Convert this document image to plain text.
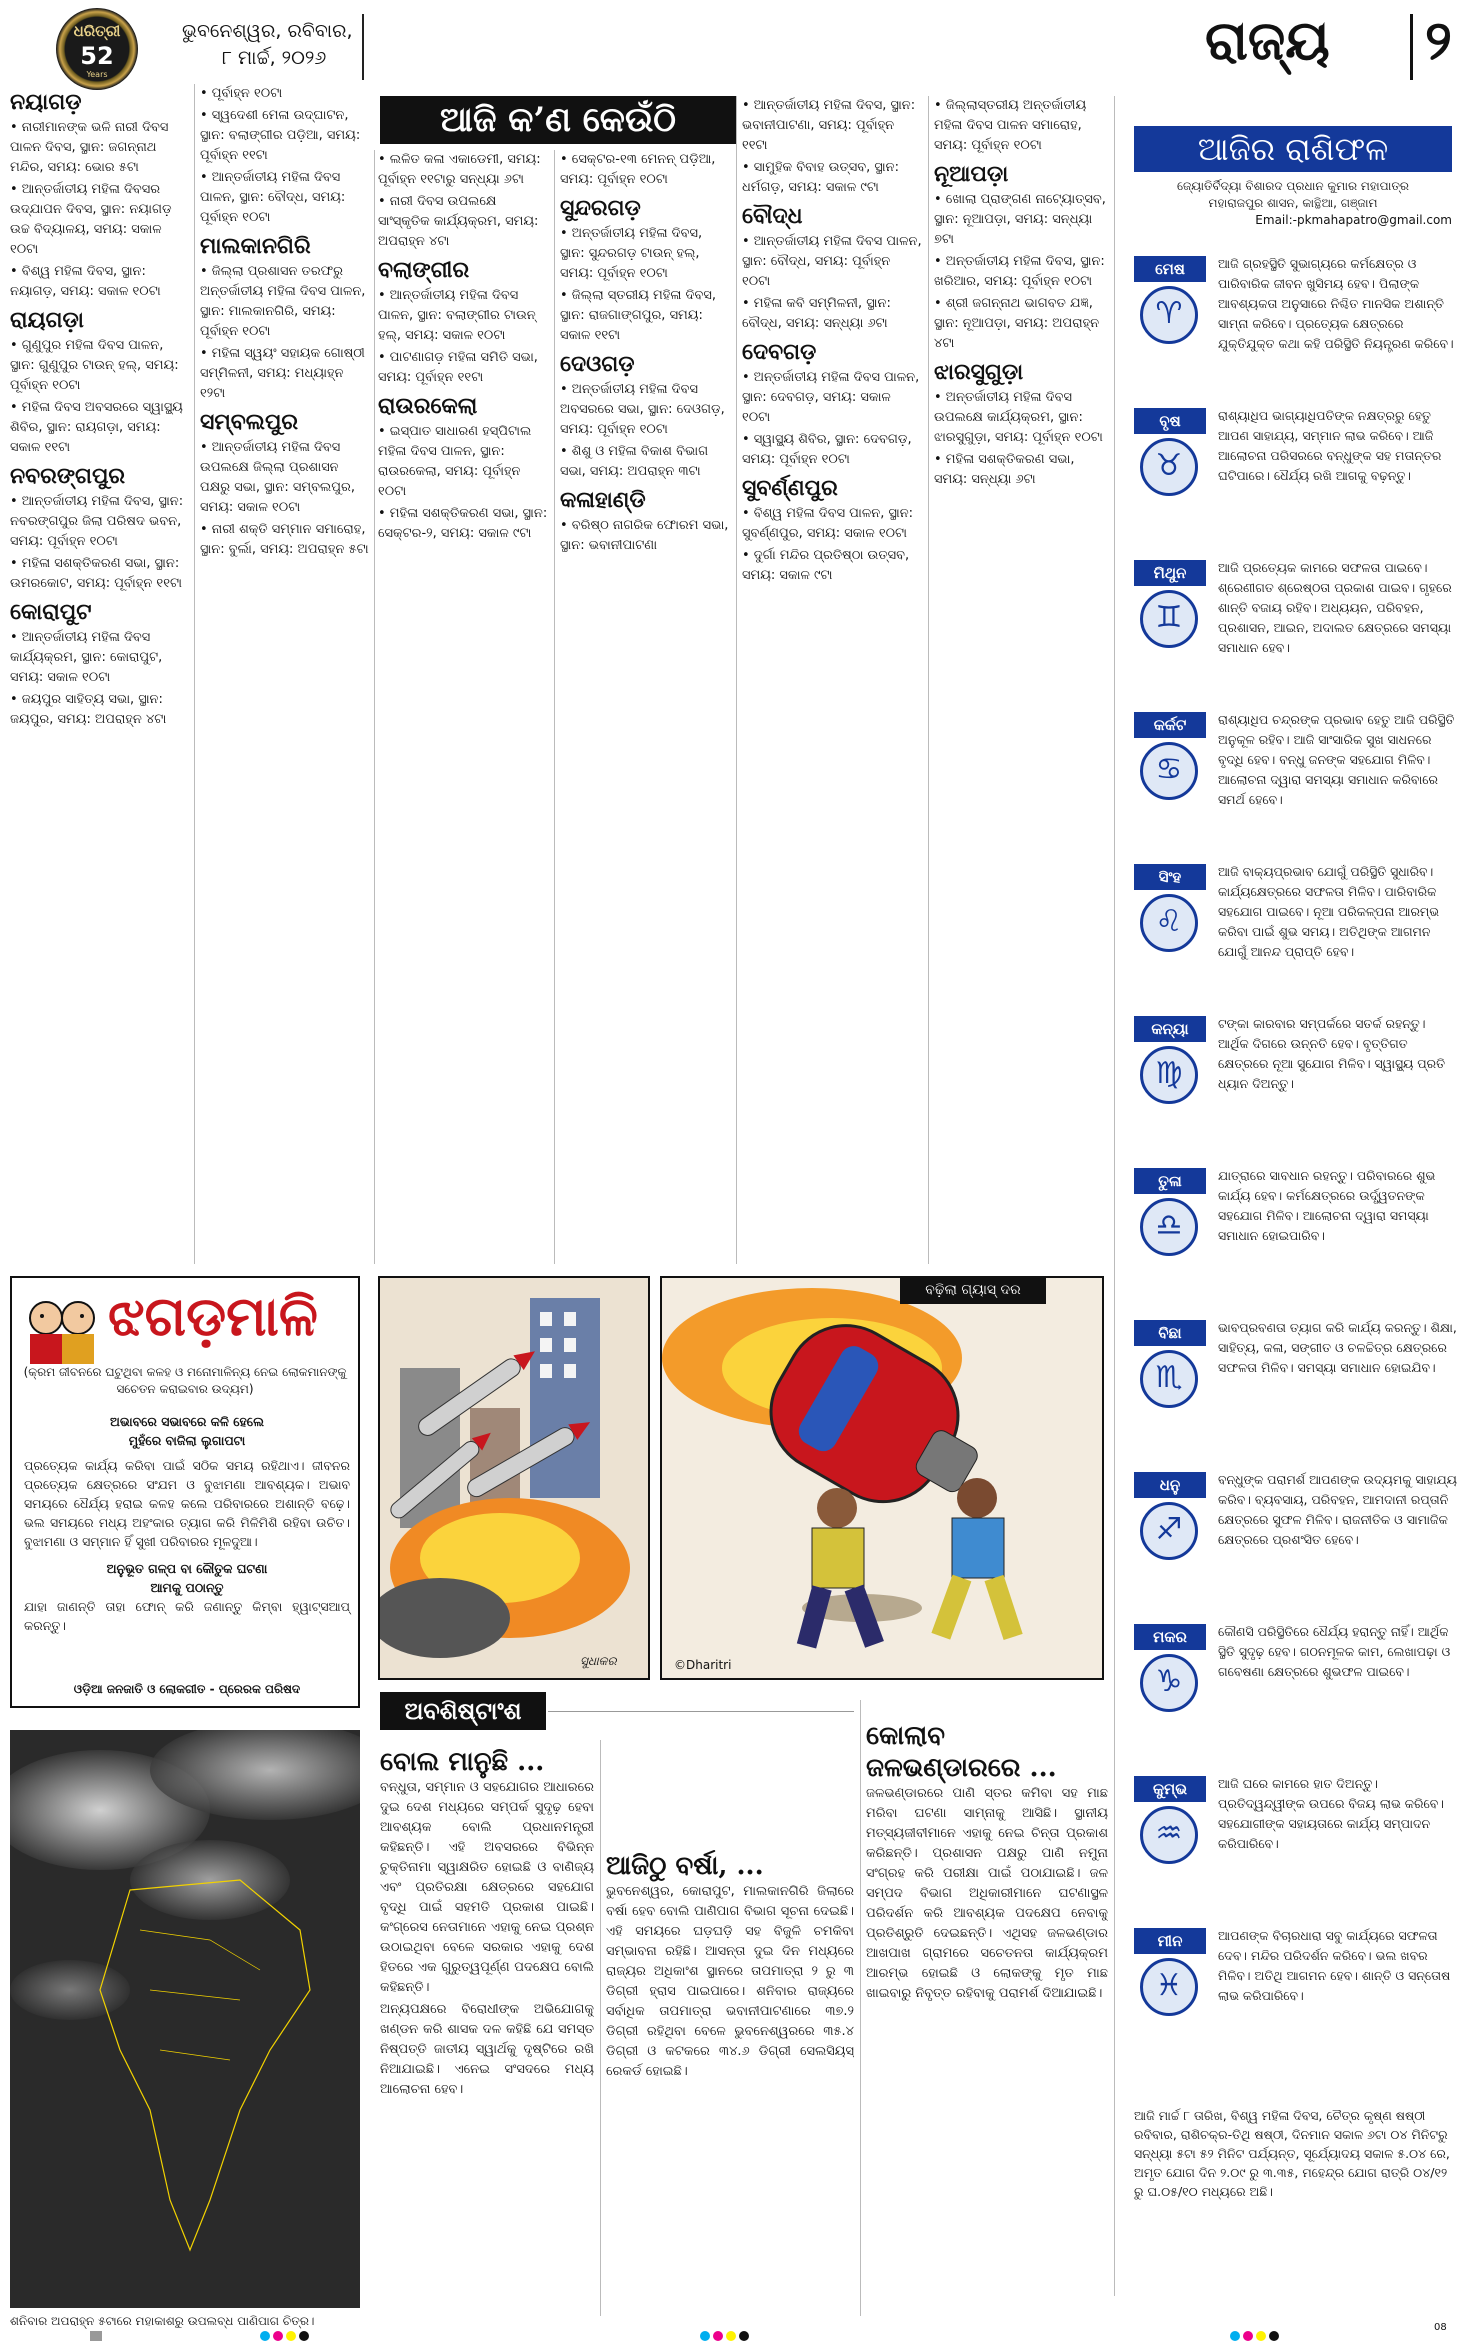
ଧରିତ୍ରୀ
52
Years
ଭୁବନେଶ୍ୱର, ରବିବାର,
୮ ମାର୍ଚ୍ଚ, ୨୦୨୬	ରାଜ୍ୟ ୨
ଆଜି କ’ଣ କେଉଁଠି
ନୟାଗଡ଼

• ନାରୀମାନଙ୍କ ଭଳି ନାରୀ ଦିବସ ପାଳନ ଦିବସ, ସ୍ଥାନ: ଜଗନ୍ନାଥ ମନ୍ଦିର, ସମୟ: ଭୋର ୫ଟା

• ଆନ୍ତର୍ଜାତୀୟ ମହିଳା ଦିବସର ଉଦ୍‌ଯାପନ ଦିବସ, ସ୍ଥାନ: ନୟାଗଡ଼ ଉଚ୍ଚ ବିଦ୍ୟାଳୟ, ସମୟ: ସକାଳ ୧୦ଟା

• ବିଶ୍ୱ ମହିଳା ଦିବସ, ସ୍ଥାନ: ନୟାଗଡ଼, ସମୟ: ସକାଳ ୧୦ଟା

ରାୟଗଡ଼ା

• ଗୁଣୁପୁର ମହିଳା ଦିବସ ପାଳନ, ସ୍ଥାନ: ଗୁଣୁପୁର ଟାଉନ୍ ହଲ୍, ସମୟ: ପୂର୍ବାହ୍ନ ୧୦ଟା

• ମହିଳା ଦିବସ ଅବସରରେ ସ୍ୱାସ୍ଥ୍ୟ ଶିବିର, ସ୍ଥାନ: ରାୟଗଡ଼ା, ସମୟ: ସକାଳ ୧୧ଟା

ନବରଙ୍ଗପୁର

• ଆନ୍ତର୍ଜାତୀୟ ମହିଳା ଦିବସ, ସ୍ଥାନ: ନବରଙ୍ଗପୁର ଜିଲା ପରିଷଦ ଭବନ, ସମୟ: ପୂର୍ବାହ୍ନ ୧୦ଟା

• ମହିଳା ସଶକ୍ତିକରଣ ସଭା, ସ୍ଥାନ: ଉମରକୋଟ, ସମୟ: ପୂର୍ବାହ୍ନ ୧୧ଟା

କୋରାପୁଟ

• ଆନ୍ତର୍ଜାତୀୟ ମହିଳା ଦିବସ କାର୍ଯ୍ୟକ୍ରମ, ସ୍ଥାନ: କୋରାପୁଟ, ସମୟ: ସକାଳ ୧୦ଟା

• ଜୟପୁର ସାହିତ୍ୟ ସଭା, ସ୍ଥାନ: ଜୟପୁର, ସମୟ: ଅପରାହ୍ନ ୪ଟା

• ପୂର୍ବାହ୍ନ ୧୦ଟା

• ସ୍ୱଦେଶୀ ମେଳା ଉଦ୍‌ଘାଟନ, ସ୍ଥାନ: ବଲାଙ୍ଗୀର ପଡ଼ିଆ, ସମୟ: ପୂର୍ବାହ୍ନ ୧୧ଟା

• ଆନ୍ତର୍ଜାତୀୟ ମହିଳା ଦିବସ ପାଳନ, ସ୍ଥାନ: ବୌଦ୍ଧ, ସମୟ: ପୂର୍ବାହ୍ନ ୧୦ଟା

ମାଲକାନଗିରି

• ଜିଲ୍ଲା ପ୍ରଶାସନ ତରଫରୁ ଅନ୍ତର୍ଜାତୀୟ ମହିଳା ଦିବସ ପାଳନ, ସ୍ଥାନ: ମାଲକାନଗିରି, ସମୟ: ପୂର୍ବାହ୍ନ ୧୦ଟା

• ମହିଳା ସ୍ୱୟଂ ସହାୟକ ଗୋଷ୍ଠୀ ସମ୍ମିଳନୀ, ସମୟ: ମଧ୍ୟାହ୍ନ ୧୨ଟା

ସମ୍ବଲପୁର

• ଆନ୍ତର୍ଜାତୀୟ ମହିଳା ଦିବସ ଉପଲକ୍ଷେ ଜିଲ୍ଲା ପ୍ରଶାସନ ପକ୍ଷରୁ ସଭା, ସ୍ଥାନ: ସମ୍ବଲପୁର, ସମୟ: ସକାଳ ୧୦ଟା

• ନାରୀ ଶକ୍ତି ସମ୍ମାନ ସମାରୋହ, ସ୍ଥାନ: ବୁର୍ଲା, ସମୟ: ଅପରାହ୍ନ ୫ଟା

• ଲଳିତ କଳା ଏକାଡେମୀ, ସମୟ: ପୂର୍ବାହ୍ନ ୧୧ଟାରୁ ସନ୍ଧ୍ୟା ୬ଟା

• ନାରୀ ଦିବସ ଉପଲକ୍ଷେ ସାଂସ୍କୃତିକ କାର୍ଯ୍ୟକ୍ରମ, ସମୟ: ଅପରାହ୍ନ ୪ଟା

ବଲାଙ୍ଗୀର

• ଆନ୍ତର୍ଜାତୀୟ ମହିଳା ଦିବସ ପାଳନ, ସ୍ଥାନ: ବଲାଙ୍ଗୀର ଟାଉନ୍ ହଲ୍, ସମୟ: ସକାଳ ୧୦ଟା

• ପାଟଣାଗଡ଼ ମହିଳା ସମିତି ସଭା, ସମୟ: ପୂର୍ବାହ୍ନ ୧୧ଟା

ରାଉରକେଲା

• ଇସ୍ପାତ ସାଧାରଣ ହସ୍ପିଟାଲ ମହିଳା ଦିବସ ପାଳନ, ସ୍ଥାନ: ରାଉରକେଲା, ସମୟ: ପୂର୍ବାହ୍ନ ୧୦ଟା

• ମହିଳା ସଶକ୍ତିକରଣ ସଭା, ସ୍ଥାନ: ସେକ୍ଟର-୨, ସମୟ: ସକାଳ ୯ଟା

• ସେକ୍ଟର-୧୩ ମେନନ୍ ପଡ଼ିଆ, ସମୟ: ପୂର୍ବାହ୍ନ ୧୦ଟା

ସୁନ୍ଦରଗଡ଼

• ଅନ୍ତର୍ଜାତୀୟ ମହିଳା ଦିବସ, ସ୍ଥାନ: ସୁନ୍ଦରଗଡ଼ ଟାଉନ୍ ହଲ୍, ସମୟ: ପୂର୍ବାହ୍ନ ୧୦ଟା

• ଜିଲ୍ଲା ସ୍ତରୀୟ ମହିଳା ଦିବସ, ସ୍ଥାନ: ରାଜଗାଙ୍ଗପୁର, ସମୟ: ସକାଳ ୧୧ଟା

ଦେଓଗଡ଼

• ଅନ୍ତର୍ଜାତୀୟ ମହିଳା ଦିବସ ଅବସରରେ ସଭା, ସ୍ଥାନ: ଦେଓଗଡ଼, ସମୟ: ପୂର୍ବାହ୍ନ ୧୦ଟା

• ଶିଶୁ ଓ ମହିଳା ବିକାଶ ବିଭାଗ ସଭା, ସମୟ: ଅପରାହ୍ନ ୩ଟା

କଳାହାଣ୍ଡି

• ବରିଷ୍ଠ ନାଗରିକ ଫୋରମ ସଭା, ସ୍ଥାନ: ଭବାନୀପାଟଣା

• ଆନ୍ତର୍ଜାତୀୟ ମହିଳା ଦିବସ, ସ୍ଥାନ: ଭବାନୀପାଟଣା, ସମୟ: ପୂର୍ବାହ୍ନ ୧୧ଟା

• ସାମୁହିକ ବିବାହ ଉତ୍ସବ, ସ୍ଥାନ: ଧର୍ମଗଡ଼, ସମୟ: ସକାଳ ୯ଟା

ବୌଦ୍ଧ

• ଆନ୍ତର୍ଜାତୀୟ ମହିଳା ଦିବସ ପାଳନ, ସ୍ଥାନ: ବୌଦ୍ଧ, ସମୟ: ପୂର୍ବାହ୍ନ ୧୦ଟା

• ମହିଳା କବି ସମ୍ମିଳନୀ, ସ୍ଥାନ: ବୌଦ୍ଧ, ସମୟ: ସନ୍ଧ୍ୟା ୬ଟା

ଦେବଗଡ଼

• ଅନ୍ତର୍ଜାତୀୟ ମହିଳା ଦିବସ ପାଳନ, ସ୍ଥାନ: ଦେବଗଡ଼, ସମୟ: ସକାଳ ୧୦ଟା

• ସ୍ୱାସ୍ଥ୍ୟ ଶିବିର, ସ୍ଥାନ: ଦେବଗଡ଼, ସମୟ: ପୂର୍ବାହ୍ନ ୧୦ଟା

ସୁବର୍ଣ୍ଣପୁର

• ବିଶ୍ୱ ମହିଳା ଦିବସ ପାଳନ, ସ୍ଥାନ: ସୁବର୍ଣ୍ଣପୁର, ସମୟ: ସକାଳ ୧୦ଟା

• ଦୁର୍ଗା ମନ୍ଦିର ପ୍ରତିଷ୍ଠା ଉତ୍ସବ, ସମୟ: ସକାଳ ୯ଟା

• ଜିଲ୍ଲାସ୍ତରୀୟ ଅନ୍ତର୍ଜାତୀୟ ମହିଳା ଦିବସ ପାଳନ ସମାରୋହ, ସମୟ: ପୂର୍ବାହ୍ନ ୧୦ଟା

ନୂଆପଡ଼ା

• ଖୋଲା ପ୍ରାଙ୍ଗଣ ନାଟ୍ୟୋତ୍ସବ, ସ୍ଥାନ: ନୂଆପଡ଼ା, ସମୟ: ସନ୍ଧ୍ୟା ୭ଟା

• ଅନ୍ତର୍ଜାତୀୟ ମହିଳା ଦିବସ, ସ୍ଥାନ: ଖରିଆର, ସମୟ: ପୂର୍ବାହ୍ନ ୧୦ଟା

• ଶ୍ରୀ ଜଗନ୍ନାଥ ଭାଗବତ ଯଜ୍ଞ, ସ୍ଥାନ: ନୂଆପଡ଼ା, ସମୟ: ଅପରାହ୍ନ ୪ଟା

ଝାରସୁଗୁଡ଼ା

• ଅନ୍ତର୍ଜାତୀୟ ମହିଳା ଦିବସ ଉପଲକ୍ଷେ କାର୍ଯ୍ୟକ୍ରମ, ସ୍ଥାନ: ଝାରସୁଗୁଡ଼ା, ସମୟ: ପୂର୍ବାହ୍ନ ୧୦ଟା

• ମହିଳା ସଶକ୍ତିକରଣ ସଭା, ସମୟ: ସନ୍ଧ୍ୟା ୬ଟା

ଆଜିର ରାଶିଫଳ
ଜ୍ୟୋତିର୍ବିଦ୍ୟା ବିଶାରଦ ପ୍ରଧାନ କୁମାର ମହାପାତ୍ର
ମହାରାଜପୁର ଶାସନ, କାନ୍ଥିଆ, ଗଞ୍ଜାମ
Email:-pkmahapatro@gmail.com
ମେଷ
♈
ଆଜି ଗ୍ରହସ୍ଥିତି ସୁଭାଗ୍ୟରେ କର୍ମକ୍ଷେତ୍ର ଓ ପାରିବାରିକ ଜୀବନ ଖୁସିମୟ ହେବ। ପିଲାଙ୍କ ଆବଶ୍ୟକତା ଅନୁସାରେ ନିଶ୍ଚିତ ମାନସିକ ଅଶାନ୍ତି ସାମ୍ନା କରିବେ। ପ୍ରତ୍ୟେକ କ୍ଷେତ୍ରରେ ଯୁକ୍ତିଯୁକ୍ତ କଥା କହି ପରିସ୍ଥିତି ନିୟନ୍ତ୍ରଣ କରିବେ।
ବୃଷ
♉
ରାଶ୍ୟାଧିପ ଭାଗ୍ୟାଧିପତିଙ୍କ ନକ୍ଷତ୍ରରୁ ହେତୁ ଆପଣ ସାହାଯ୍ୟ, ସମ୍ମାନ ଲାଭ କରିବେ। ଆଜି ଆଲୋଚନା ପରିସରରେ ବନ୍ଧୁଙ୍କ ସହ ମତାନ୍ତର ଘଟିପାରେ। ଧୈର୍ଯ୍ୟ ରଖି ଆଗକୁ ବଢ଼ନ୍ତୁ।
ମିଥୁନ
♊
ଆଜି ପ୍ରତ୍ୟେକ କାମରେ ସଫଳତା ପାଇବେ। ଶ୍ରେଣୀଗତ ଶ୍ରେଷ୍ଠତା ପ୍ରକାଶ ପାଇବ। ଗୃହରେ ଶାନ୍ତି ବଜାୟ ରହିବ। ଅଧ୍ୟୟନ, ପରିବହନ, ପ୍ରଶାସନ, ଆଇନ, ଅଦାଲତ କ୍ଷେତ୍ରରେ ସମସ୍ୟା ସମାଧାନ ହେବ।
କର୍କଟ
♋
ରାଶ୍ୟାଧିପ ଚନ୍ଦ୍ରଙ୍କ ପ୍ରଭାବ ହେତୁ ଆଜି ପରିସ୍ଥିତି ଅନୁକୂଳ ରହିବ। ଆଜି ସାଂସାରିକ ସୁଖ ସାଧନରେ ବୃଦ୍ଧି ହେବ। ବନ୍ଧୁ ଜନଙ୍କ ସହଯୋଗ ମିଳିବ। ଆଲୋଚନା ଦ୍ୱାରା ସମସ୍ୟା ସମାଧାନ କରିବାରେ ସମର୍ଥ ହେବେ।
ସିଂହ
♌
ଆଜି ବାକ୍ୟପ୍ରଭାବ ଯୋଗୁଁ ପରିସ୍ଥିତି ସୁଧାରିବ। କାର୍ଯ୍ୟକ୍ଷେତ୍ରରେ ସଫଳତା ମିଳିବ। ପାରିବାରିକ ସହଯୋଗ ପାଇବେ। ନୂଆ ପରିକଳ୍ପନା ଆରମ୍ଭ କରିବା ପାଇଁ ଶୁଭ ସମୟ। ଅତିଥିଙ୍କ ଆଗମନ ଯୋଗୁଁ ଆନନ୍ଦ ପ୍ରାପ୍ତି ହେବ।
କନ୍ୟା
♍
ଟଙ୍କା କାରବାର ସମ୍ପର୍କରେ ସତର୍କ ରହନ୍ତୁ। ଆର୍ଥିକ ଦିଗରେ ଉନ୍ନତି ହେବ। ବୃତ୍ତିଗତ କ୍ଷେତ୍ରରେ ନୂଆ ସୁଯୋଗ ମିଳିବ। ସ୍ୱାସ୍ଥ୍ୟ ପ୍ରତି ଧ୍ୟାନ ଦିଅନ୍ତୁ।
ତୁଳା
♎
ଯାତ୍ରାରେ ସାବଧାନ ରହନ୍ତୁ। ପରିବାରରେ ଶୁଭ କାର୍ଯ୍ୟ ହେବ। କର୍ମକ୍ଷେତ୍ରରେ ଉର୍ଦ୍ଧ୍ୱତନଙ୍କ ସହଯୋଗ ମିଳିବ। ଆଲୋଚନା ଦ୍ୱାରା ସମସ୍ୟା ସମାଧାନ ହୋଇପାରିବ।
ବିଛା
♏
ଭାବପ୍ରବଣତା ତ୍ୟାଗ କରି କାର୍ଯ୍ୟ କରନ୍ତୁ। ଶିକ୍ଷା, ସାହିତ୍ୟ, କଳା, ସଙ୍ଗୀତ ଓ ଚଳଚ୍ଚିତ୍ର କ୍ଷେତ୍ରରେ ସଫଳତା ମିଳିବ। ସମସ୍ୟା ସମାଧାନ ହୋଇଯିବ।
ଧନୁ
♐
ବନ୍ଧୁଙ୍କ ପରାମର୍ଶ ଆପଣଙ୍କ ଉଦ୍ୟମକୁ ସାହାଯ୍ୟ କରିବ। ବ୍ୟବସାୟ, ପରିବହନ, ଆମଦାନୀ ରପ୍ତାନି କ୍ଷେତ୍ରରେ ସୁଫଳ ମିଳିବ। ରାଜନୀତିକ ଓ ସାମାଜିକ କ୍ଷେତ୍ରରେ ପ୍ରଶଂସିତ ହେବେ।
ମକର
♑
କୌଣସି ପରିସ୍ଥିତିରେ ଧୈର୍ଯ୍ୟ ହରାନ୍ତୁ ନାହିଁ। ଆର୍ଥିକ ସ୍ଥିତି ସୁଦୃଢ଼ ହେବ। ଗଠନମୂଳକ କାମ, ଲେଖାପଢ଼ା ଓ ଗବେଷଣା କ୍ଷେତ୍ରରେ ଶୁଭଫଳ ପାଇବେ।
କୁମ୍ଭ
♒
ଆଜି ଘରେ କାମରେ ହାତ ଦିଅନ୍ତୁ। ପ୍ରତିଦ୍ୱନ୍ଦ୍ୱୀଙ୍କ ଉପରେ ବିଜୟ ଲାଭ କରିବେ। ସହଯୋଗୀଙ୍କ ସହାୟତାରେ କାର୍ଯ୍ୟ ସମ୍ପାଦନ କରିପାରିବେ।
ମୀନ
♓
ଆପଣଙ୍କ ବିଚାରଧାରା ସବୁ କାର୍ଯ୍ୟରେ ସଫଳତା ଦେବ। ମନ୍ଦିର ପରିଦର୍ଶନ କରିବେ। ଭଲ ଖବର ମିଳିବ। ଅତିଥି ଆଗମନ ହେବ। ଶାନ୍ତି ଓ ସନ୍ତୋଷ ଲାଭ କରିପାରିବେ।
ଆଜି ମାର୍ଚ୍ଚ ୮ ତାରିଖ, ବିଶ୍ୱ ମହିଳା ଦିବସ, ଚୈତ୍ର କୃଷ୍ଣ ଷଷ୍ଠୀ ରବିବାର, ରାଶିଚକ୍ର-ତିଥି ଷଷ୍ଠୀ, ଦିନମାନ ସକାଳ ୬ଟା ୦୪ ମିନିଟରୁ ସନ୍ଧ୍ୟା ୫ଟା ୫୨ ମିନିଟ ପର୍ଯ୍ୟନ୍ତ, ସୂର୍ଯ୍ୟୋଦୟ ସକାଳ ୫.୦୪ ରେ, ଅମୃତ ଯୋଗ ଦିନ ୨.୦୯ ରୁ ୩.୩୫, ମହେନ୍ଦ୍ର ଯୋଗ ରାତ୍ରି ୦୪/୧୨ ରୁ ଘ.୦୫/୧୦ ମଧ୍ୟରେ ଅଛି।
ଝଗଡ଼ମାଳି
(କ୍ରମ ଜୀବନରେ ଘଟୁଥିବା କଳହ ଓ ମନୋମାଳିନ୍ୟ ନେଇ ଲୋକମାନଙ୍କୁ ସଚେତନ କରାଇବାର ଉଦ୍ୟମ)
ଅଭାବରେ ସଭାବରେ କଳି ହେଲେ
ମୁହଁରେ ବାଜିଲା ଲୁଗାପଟା
ପ୍ରତ୍ୟେକ କାର୍ଯ୍ୟ କରିବା ପାଇଁ ସଠିକ ସମୟ ରହିଥାଏ। ଜୀବନର ପ୍ରତ୍ୟେକ କ୍ଷେତ୍ରରେ ସଂଯମ ଓ ବୁଝାମଣା ଆବଶ୍ୟକ। ଅଭାବ ସମୟରେ ଧୈର୍ଯ୍ୟ ହରାଇ କଳହ କଲେ ପରିବାରରେ ଅଶାନ୍ତି ବଢ଼େ। ଭଲ ସମୟରେ ମଧ୍ୟ ଅହଂକାର ତ୍ୟାଗ କରି ମିଳିମିଶି ରହିବା ଉଚିତ। ବୁଝାମଣା ଓ ସମ୍ମାନ ହିଁ ସୁଖୀ ପରିବାରର ମୂଳଦୁଆ।
ଅନୁଭୂତ ଗଳ୍ପ ବା କୌତୁକ ଘଟଣା
ଆମକୁ ପଠାନ୍ତୁ
ଯାହା ଜାଣନ୍ତି ତାହା ଫୋନ୍ କରି ଜଣାନ୍ତୁ କିମ୍ବା ହ୍ୱାଟ୍‌ସଆପ୍ କରନ୍ତୁ।
ଓଡ଼ିଆ ଜନଜାତି ଓ ଲୋକଗୀତ - ପ୍ରେରକ ପରିଷଦ
©Dharitri
ବଢ଼ିଲା ଗ୍ୟାସ୍ ଦର
ସୁଧାକର
ଶନିବାର ଅପରାହ୍ନ ୫ଟାରେ ମହାକାଶରୁ ଉପଲବ୍ଧ ପାଣିପାଗ ଚିତ୍ର।
ଅବଶିଷ୍ଟାଂଶ
ବୋଲ ମାନୁଛି ...

ବନ୍ଧୁତା, ସମ୍ମାନ ଓ ସହଯୋଗର ଆଧାରରେ ଦୁଇ ଦେଶ ମଧ୍ୟରେ ସମ୍ପର୍କ ସୁଦୃଢ଼ ହେବା ଆବଶ୍ୟକ ବୋଲି ପ୍ରଧାନମନ୍ତ୍ରୀ କହିଛନ୍ତି। ଏହି ଅବସରରେ ବିଭିନ୍ନ ଚୁକ୍ତିନାମା ସ୍ୱାକ୍ଷରିତ ହୋଇଛି ଓ ବାଣିଜ୍ୟ ଏବଂ ପ୍ରତିରକ୍ଷା କ୍ଷେତ୍ରରେ ସହଯୋଗ ବୃଦ୍ଧି ପାଇଁ ସହମତି ପ୍ରକାଶ ପାଇଛି। କଂଗ୍ରେସ ନେତାମାନେ ଏହାକୁ ନେଇ ପ୍ରଶ୍ନ ଉଠାଇଥିବା ବେଳେ ସରକାର ଏହାକୁ ଦେଶ ହିତରେ ଏକ ଗୁରୁତ୍ୱପୂର୍ଣ୍ଣ ପଦକ୍ଷେପ ବୋଲି କହିଛନ୍ତି।

ଅନ୍ୟପକ୍ଷରେ ବିରୋଧୀଙ୍କ ଅଭିଯୋଗକୁ ଖଣ୍ଡନ କରି ଶାସକ ଦଳ କହିଛି ଯେ ସମସ୍ତ ନିଷ୍ପତ୍ତି ଜାତୀୟ ସ୍ୱାର୍ଥକୁ ଦୃଷ୍ଟିରେ ରଖି ନିଆଯାଇଛି। ଏନେଇ ସଂସଦରେ ମଧ୍ୟ ଆଲୋଚନା ହେବ।

ଆଜିଠୁ ବର୍ଷା, ...

ଭୁବନେଶ୍ୱର, କୋରାପୁଟ, ମାଲକାନଗିରି ଜିଲାରେ ବର୍ଷା ହେବ ବୋଲି ପାଣିପାଗ ବିଭାଗ ସୂଚନା ଦେଇଛି। ଏହି ସମୟରେ ଘଡ଼ଘଡ଼ି ସହ ବିଜୁଳି ଚମକିବା ସମ୍ଭାବନା ରହିଛି। ଆସନ୍ତା ଦୁଇ ଦିନ ମଧ୍ୟରେ ରାଜ୍ୟର ଅଧିକାଂଶ ସ୍ଥାନରେ ତାପମାତ୍ରା ୨ ରୁ ୩ ଡିଗ୍ରୀ ହ୍ରାସ ପାଇପାରେ। ଶନିବାର ରାଜ୍ୟରେ ସର୍ବାଧିକ ତାପମାତ୍ରା ଭବାନୀପାଟଣାରେ ୩୭.୨ ଡିଗ୍ରୀ ରହିଥିବା ବେଳେ ଭୁବନେଶ୍ୱରରେ ୩୫.୪ ଡିଗ୍ରୀ ଓ କଟକରେ ୩୪.୬ ଡିଗ୍ରୀ ସେଲସିୟସ୍ ରେକର୍ଡ ହୋଇଛି।

କୋଲାବ ଜଳଭଣ୍ଡାରରେ ...

ଜଳଭଣ୍ଡାରରେ ପାଣି ସ୍ତର କମିବା ସହ ମାଛ ମରିବା ଘଟଣା ସାମ୍ନାକୁ ଆସିଛି। ସ୍ଥାନୀୟ ମତ୍ସ୍ୟଜୀବୀମାନେ ଏହାକୁ ନେଇ ଚିନ୍ତା ପ୍ରକାଶ କରିଛନ୍ତି। ପ୍ରଶାସନ ପକ୍ଷରୁ ପାଣି ନମୁନା ସଂଗ୍ରହ କରି ପରୀକ୍ଷା ପାଇଁ ପଠାଯାଇଛି। ଜଳ ସମ୍ପଦ ବିଭାଗ ଅଧିକାରୀମାନେ ଘଟଣାସ୍ଥଳ ପରିଦର୍ଶନ କରି ଆବଶ୍ୟକ ପଦକ୍ଷେପ ନେବାକୁ ପ୍ରତିଶ୍ରୁତି ଦେଇଛନ୍ତି। ଏଥିସହ ଜଳଭଣ୍ଡାର ଆଖପାଖ ଗ୍ରାମରେ ସଚେତନତା କାର୍ଯ୍ୟକ୍ରମ ଆରମ୍ଭ ହୋଇଛି ଓ ଲୋକଙ୍କୁ ମୃତ ମାଛ ଖାଇବାରୁ ନିବୃତ୍ତ ରହିବାକୁ ପରାମର୍ଶ ଦିଆଯାଇଛି।

08
